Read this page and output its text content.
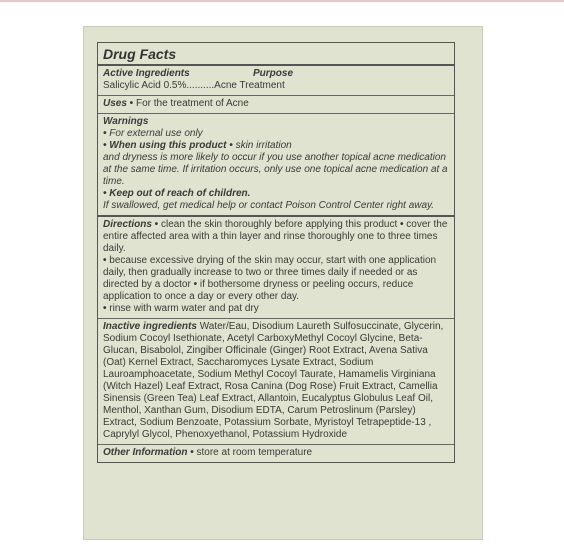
Drug Facts
Active Ingredients	Purpose
Salicylic Acid 0.5%..........Acne Treatment
Uses • For the treatment of Acne
Warnings
• For external use only
• When using this product • skin irritation
and dryness is more likely to occur if you use another topical acne medication at the same time. If irritation occurs, only use one topical acne medication at a time.
• Keep out of reach of children.
If swallowed, get medical help or contact Poison Control Center right away.
Directions • clean the skin thoroughly before applying this product • cover the entire affected area with a thin layer and rinse thoroughly one to three times daily.
• because excessive drying of the skin may occur, start with one application daily, then gradually increase to two or three times daily if needed or as directed by a doctor • if bothersome dryness or peeling occurs, reduce application to once a day or every other day.
• rinse with warm water and pat dry
Inactive ingredients Water/Eau, Disodium Laureth Sulfosuccinate, Glycerin, Sodium Cocoyl Isethionate, Acetyl CarboxyMethyl Cocoyl Glycine, Beta-Glucan, Bisabolol, Zingiber Officinale (Ginger) Root Extract, Avena Sativa (Oat) Kernel Extract, Saccharomyces Lysate Extract, Sodium Lauroamphoacetate, Sodium Methyl Cocoyl Taurate, Hamamelis Virginiana (Witch Hazel) Leaf Extract, Rosa Canina (Dog Rose) Fruit Extract, Camellia Sinensis (Green Tea) Leaf Extract, Allantoin, Eucalyptus Globulus Leaf Oil, Menthol, Xanthan Gum, Disodium EDTA, Carum Petroslinum (Parsley) Extract, Sodium Benzoate, Potassium Sorbate, Myristoyl Tetrapeptide-13 , Caprylyl Glycol, Phenoxyethanol, Potassium Hydroxide
Other Information • store at room temperature
